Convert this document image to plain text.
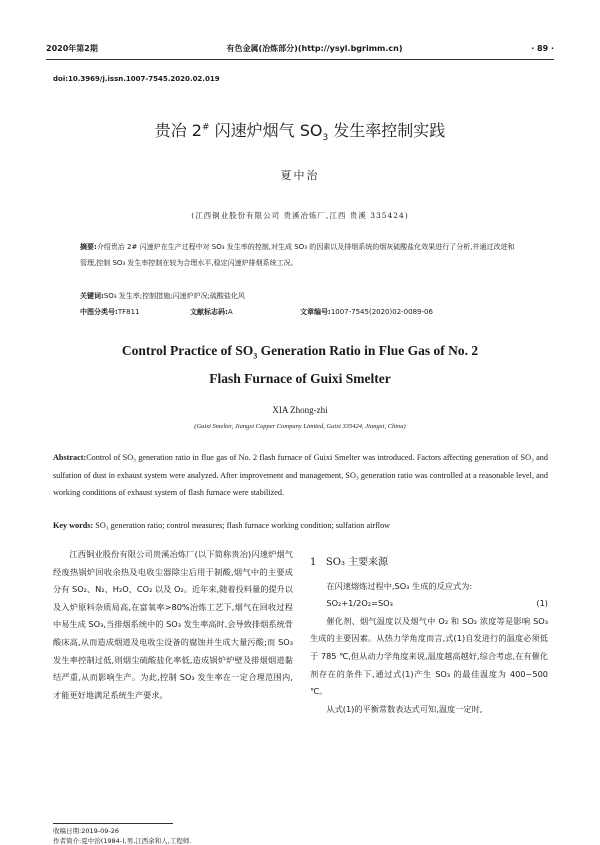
2020年第2期	有色金属(冶炼部分)(http://ysyl.bgrimm.cn)	· 89 ·
doi:10.3969/j.issn.1007-7545.2020.02.019
贵冶 2# 闪速炉烟气 $SO_3$ 发生率控制实践
夏中治
(江西铜业股份有限公司 贵溪冶炼厂,江西 贵溪 335424)
摘要:介绍贵冶 2# 闪速炉在生产过程中对 SO₃ 发生率的控制,对生成 SO₃ 的因素以及排烟系统的烟灰硫酸盐化效果进行了分析,并通过改进和管理,控制 SO₃ 发生率控制在较为合理水平,稳定闪速炉排烟系统工况。
关键词:SO₃ 发生率;控制措施;闪速炉炉况;硫酸盐化风
中图分类号:TF811	文献标志码:A	文章编号:1007-7545(2020)02-0089-06
Control Practice of $SO_3$ Generation Ratio in Flue Gas of No. 2
Flash Furnace of Guixi Smelter
XIA Zhong-zhi
(Guixi Smelter, Jiangxi Copper Company Limited, Guixi 335424, Jiangxi, China)
Abstract:Control of SO₃ generation ratio in flue gas of No. 2 flash furnace of Guixi Smelter was introduced. Factors affecting generation of SO₃ and sulfation of dust in exhaust system were analyzed. After improvement and management, SO₃ generation ratio was controlled at a reasonable level, and working conditions of exhaust system of flash furnace were stabilized.
Key words: SO₃ generation ratio; control measures; flash furnace working condition; sulfation airflow

江西铜业股份有限公司贵溪冶炼厂(以下简称贵冶)闪速炉烟气经废热锅炉回收余热及电收尘器除尘后用于制酸,烟气中的主要成分有 SO₂、N₂、H₂O、CO₂ 以及 O₂。近年来,随着投料量的提升以及入炉原料杂质局高,在富氧率>80%冶炼工艺下,烟气在回收过程中易生成 SO₃,当排烟系统中的 SO₃ 发生率高时,会导致排烟系统骨酸床高,从而造成烟道及电收尘设备的腐蚀并生成大量污酸;而 SO₃ 发生率控制过低,则烟尘硫酸盐化率低,造成锅炉炉壁及排烟烟道黏结严重,从而影响生产。为此,控制 SO₃ 发生率在一定合理范围内,才能更好地满足系统生产要求。

1 SO₃ 主要来源

在闪速熔炼过程中,SO₃ 生成的反应式为:

SO₂+1/2O₂=SO₃	(1)

催化剂、烟气温度以及烟气中 O₂ 和 SO₂ 浓度等是影响 SO₃ 生成的主要因素。从热力学角度而言,式(1)自发进行的温度必须低于 785 ℃,但从动力学角度来说,温度越高越好,综合考虑,在有催化剂存在的条件下,通过式(1)产生 SO₃ 的最佳温度为 400~500 ℃。

从式(1)的平衡常数表达式可知,温度一定时,

收稿日期:2019-09-26
作者简介:夏中治(1984-),男,江西余和人,工程师.
